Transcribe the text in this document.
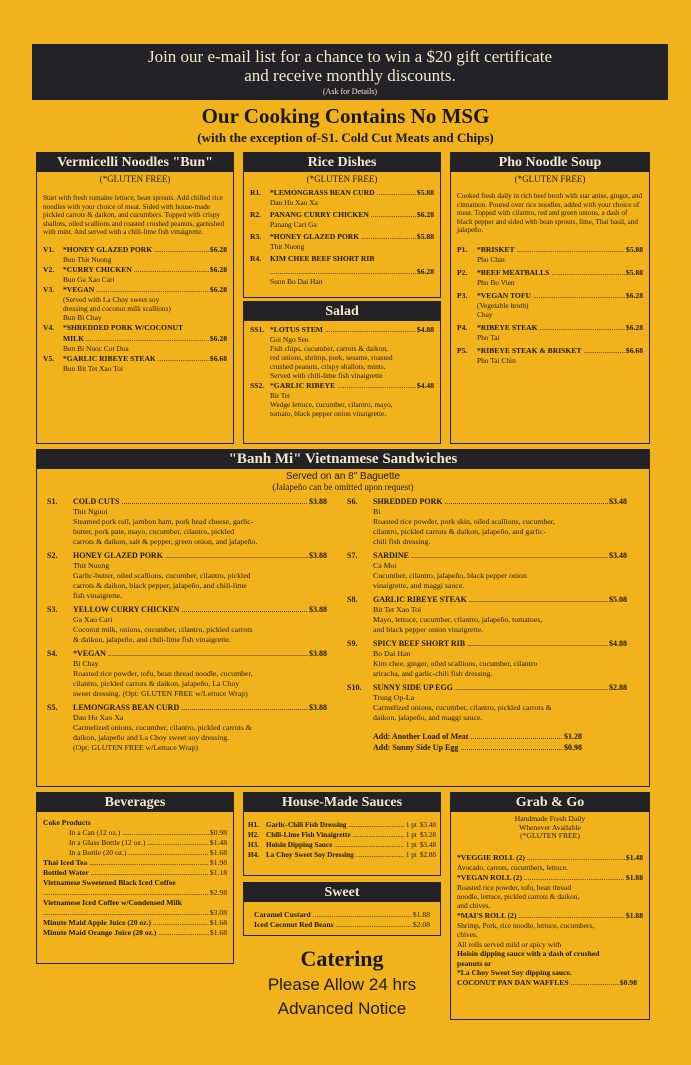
Join our e-mail list for a chance to win a $20 gift certificate
and receive monthly discounts.
(Ask for Details)
Our Cooking Contains No MSG
(with the exception of-S1. Cold Cut Meats and Chips)
Vermicelli Noodles "Bun"
(*GLUTEN FREE)
Start with fresh romaine lettuce, bean sprouts. Add chilled rice noodles with your choice of meat. Sided with house-made pickled carrots & daikon, and cucumbers. Topped with crispy shallots, oiled scallions and roasted crushed peanuts, garnished with mint. And served with a chili-lime fish vinaigrette.
V1.	*HONEY GLAZED PORK .....	$6.28
Bun Thit Nuong
V2.	*CURRY CHICKEN .....	$6.28
Bun Ga Xao Cari
V3.	*VEGAN .....	$6.28
(Served with La Choy sweet soy
dressing and coconut milk scallions)
Bun Bi Chay
V4.	*SHREDDED PORK W/COCONUT
MILK .....	$6.28
Bun Bi Nuoc Cot Dua
V5.	*GARLIC RIBEYE STEAK .....	$6.68
Bun Bit Tet Xao Toi
Rice Dishes
(*GLUTEN FREE)
R1.	*LEMONGRASS BEAN CURD .....	$5.88
Dau Hu Xao Xa
R2.	PANANG CURRY CHICKEN .....	$6.28
Panang Cari Ga
R3.	*HONEY GLAZED PORK .....	$5.88
Thit Nuong
R4.	KIM CHEE BEEF SHORT RIB
.....
$6.28
Suon Bo Dai Han
Salad
SS1. *LOTUS STEM .....	$4.88
Goi Ngo Sen
Fish chips, cucumber, carrots & daikon,
red onions, shrimp, pork, sesame, roasted
crushed peanuts, crispy shallots, mints.
Served with chili-lime fish vinaigrette
SS2. *GARLIC RIBEYE .....	$4.48
Bit Tet
Wedge lettuce, cucumber, cilantro, mayo,
tomato, black pepper onion vinaigrette.
Pho Noodle Soup
(*GLUTEN FREE)
Cooked fresh daily in rich beef broth with star anise, ginger, and cinnamon. Poured over rice noodles, added with your choice of meat. Topped with cilantro, red and green onions, a dash of black pepper and sided with bean sprouts, lime, Thai basil, and jalapeño.
P1.	*BRISKET .....	$5.88
Pho Chin
P2.	*BEEF MEATBALLS .....	$5.88
Pho Bo Vien
P3.	*VEGAN TOFU .....	$6.28
(Vegetable broth)
Chay
P4.	*RIBEYE STEAK .....	$6.28
Pho Tai
P5.	*RIBEYE STEAK & BRISKET .....	$6.68
Pho Tai Chin
"Banh Mi" Vietnamese Sandwiches
Served on an 8" Baguette
(Jalapeño can be omitted upon request)
S1.	COLD CUTS .....	$3.88
Thit Nguoi
Steamed pork roll, jambon ham, pork head cheese, garlic-
butter, pork pate, mayo, cucumber, cilantro, pickled
carrots & daikon, salt & pepper, green onion, and jalapeño.
S2.	HONEY GLAZED PORK .....	$3.88
Thit Nuong
Garlic-butter, oiled scallions, cucumber, cilantro, pickled
carrots & daikon, black pepper, jalapeño, and chili-lime
fish vinaigrette.
S3.	YELLOW CURRY CHICKEN .....	$3.88
Ga Xao Cari
Coconut milk, onions, cucumber, cilantro, pickled carrots
& daikon, jalapeño, and chili-lime fish vinaigrette.
S4.	*VEGAN .....	$3.88
Bi Chay
Roasted rice powder, tofu, bean thread noodle, cucumber,
cilantro, pickled carrots & daikon, jalapeño, La Choy
sweet dressing. (Opt: GLUTEN FREE w/Lettuce Wrap)
S5.	LEMONGRASS BEAN CURD .....	$3.88
Dau Hu Xao Xa
Carmelized onions, cucumber, cilantro, pickled carrots &
daikon, jalapeño and La Choy sweet soy dressing.
(Opt: GLUTEN FREE w/Lettuce Wrap)
S6.	SHREDDED PORK .....	$3.48
Bi
Roasted rice powder, pork skin, oiled scallions, cucumber,
cilantro, pickled carrots & daikon, jalapeño, and garlic-
chili fish dressing.
S7.	SARDINE .....	$3.48
Ca Moi
Cucumber, cilantro, jalapeño, black pepper onion
vinaigrette, and maggi sauce.
S8.	GARLIC RIBEYE STEAK .....	$5.08
Bit Tet Xao Toi
Mayo, lettuce, cucumber, cilantro, jalapeño, tomatoes,
and black pepper onion vinaigrette.
S9.	SPICY BEEF SHORT RIB .....	$4.88
Bo Dai Han
Kim chee, ginger, oiled scallions, cucumber, cilantro
sriracha, and garlic-chili fish dressing.
S10.	SUNNY SIDE UP EGG .....	$2.88
Trung Op-La
Carmelized onions, cucumber, cilantro, pickled carrots &
daikon, jalapeño, and maggi sauce.
Add: Another Load of Meat .....	$1.28
Add: Sunny Side Up Egg .....	$0.98
Beverages
Coke Products
In a Can (12 oz.) .....	$0.98
In a Glass Bottle (12 oz.) .....	$1.48
In a Bottle (20 oz.) .....	$1.68
Thai Iced Tea .....	$1.98
Bottled Water .....	$1.18
Vietnamese Sweetened Black Iced Coffee
.....
$2.98
Vietnamese Iced Coffee w/Condensed Milk
.....
$3.08
Minute Maid Apple Juice (20 oz.) .....	$1.68
Minute Maid Orange Juice (20 oz.) .....	$1.68
House-Made Sauces
H1. Garlic-Chili Fish Dressing .....	1 pt $3.48
H2. Chili-Lime Fish Vinaigrette .....	1 pt $3.28
H3. Hoisin Dipping Sauce .....	1 pt $3.48
H4. La Choy Sweet Soy Dressing .....	1 pt $2.88
Sweet
Caramel Custard .....	$1.88
Iced Coconut Red Beans .....	$2.08
Catering
Please Allow 24 hrs
Advanced Notice
Grab & Go
Handmade Fresh Daily
Whenever Available
(*GLUTEN FREE)
*VEGGIE ROLL (2) .....	$1.48
Avocado, carrots, cucumbers, lettuce.
*VEGAN ROLL (2) .....	$1.88
Roasted rice powder, tofu, bean thread
noodle, lettuce, pickled carrots & daikon,
and chives.
*MAI'S ROLL (2) .....	$1.88
Shrimp, Pork, rice noodle, lettuce, cucumbers,
chives.
All rolls served mild or spicy with
Hoisin dipping sauce with a dash of crushed
peanuts or
*La Choy Sweet Soy dipping sauce.
COCONUT PAN DAN WAFFLES .....	$0.98
